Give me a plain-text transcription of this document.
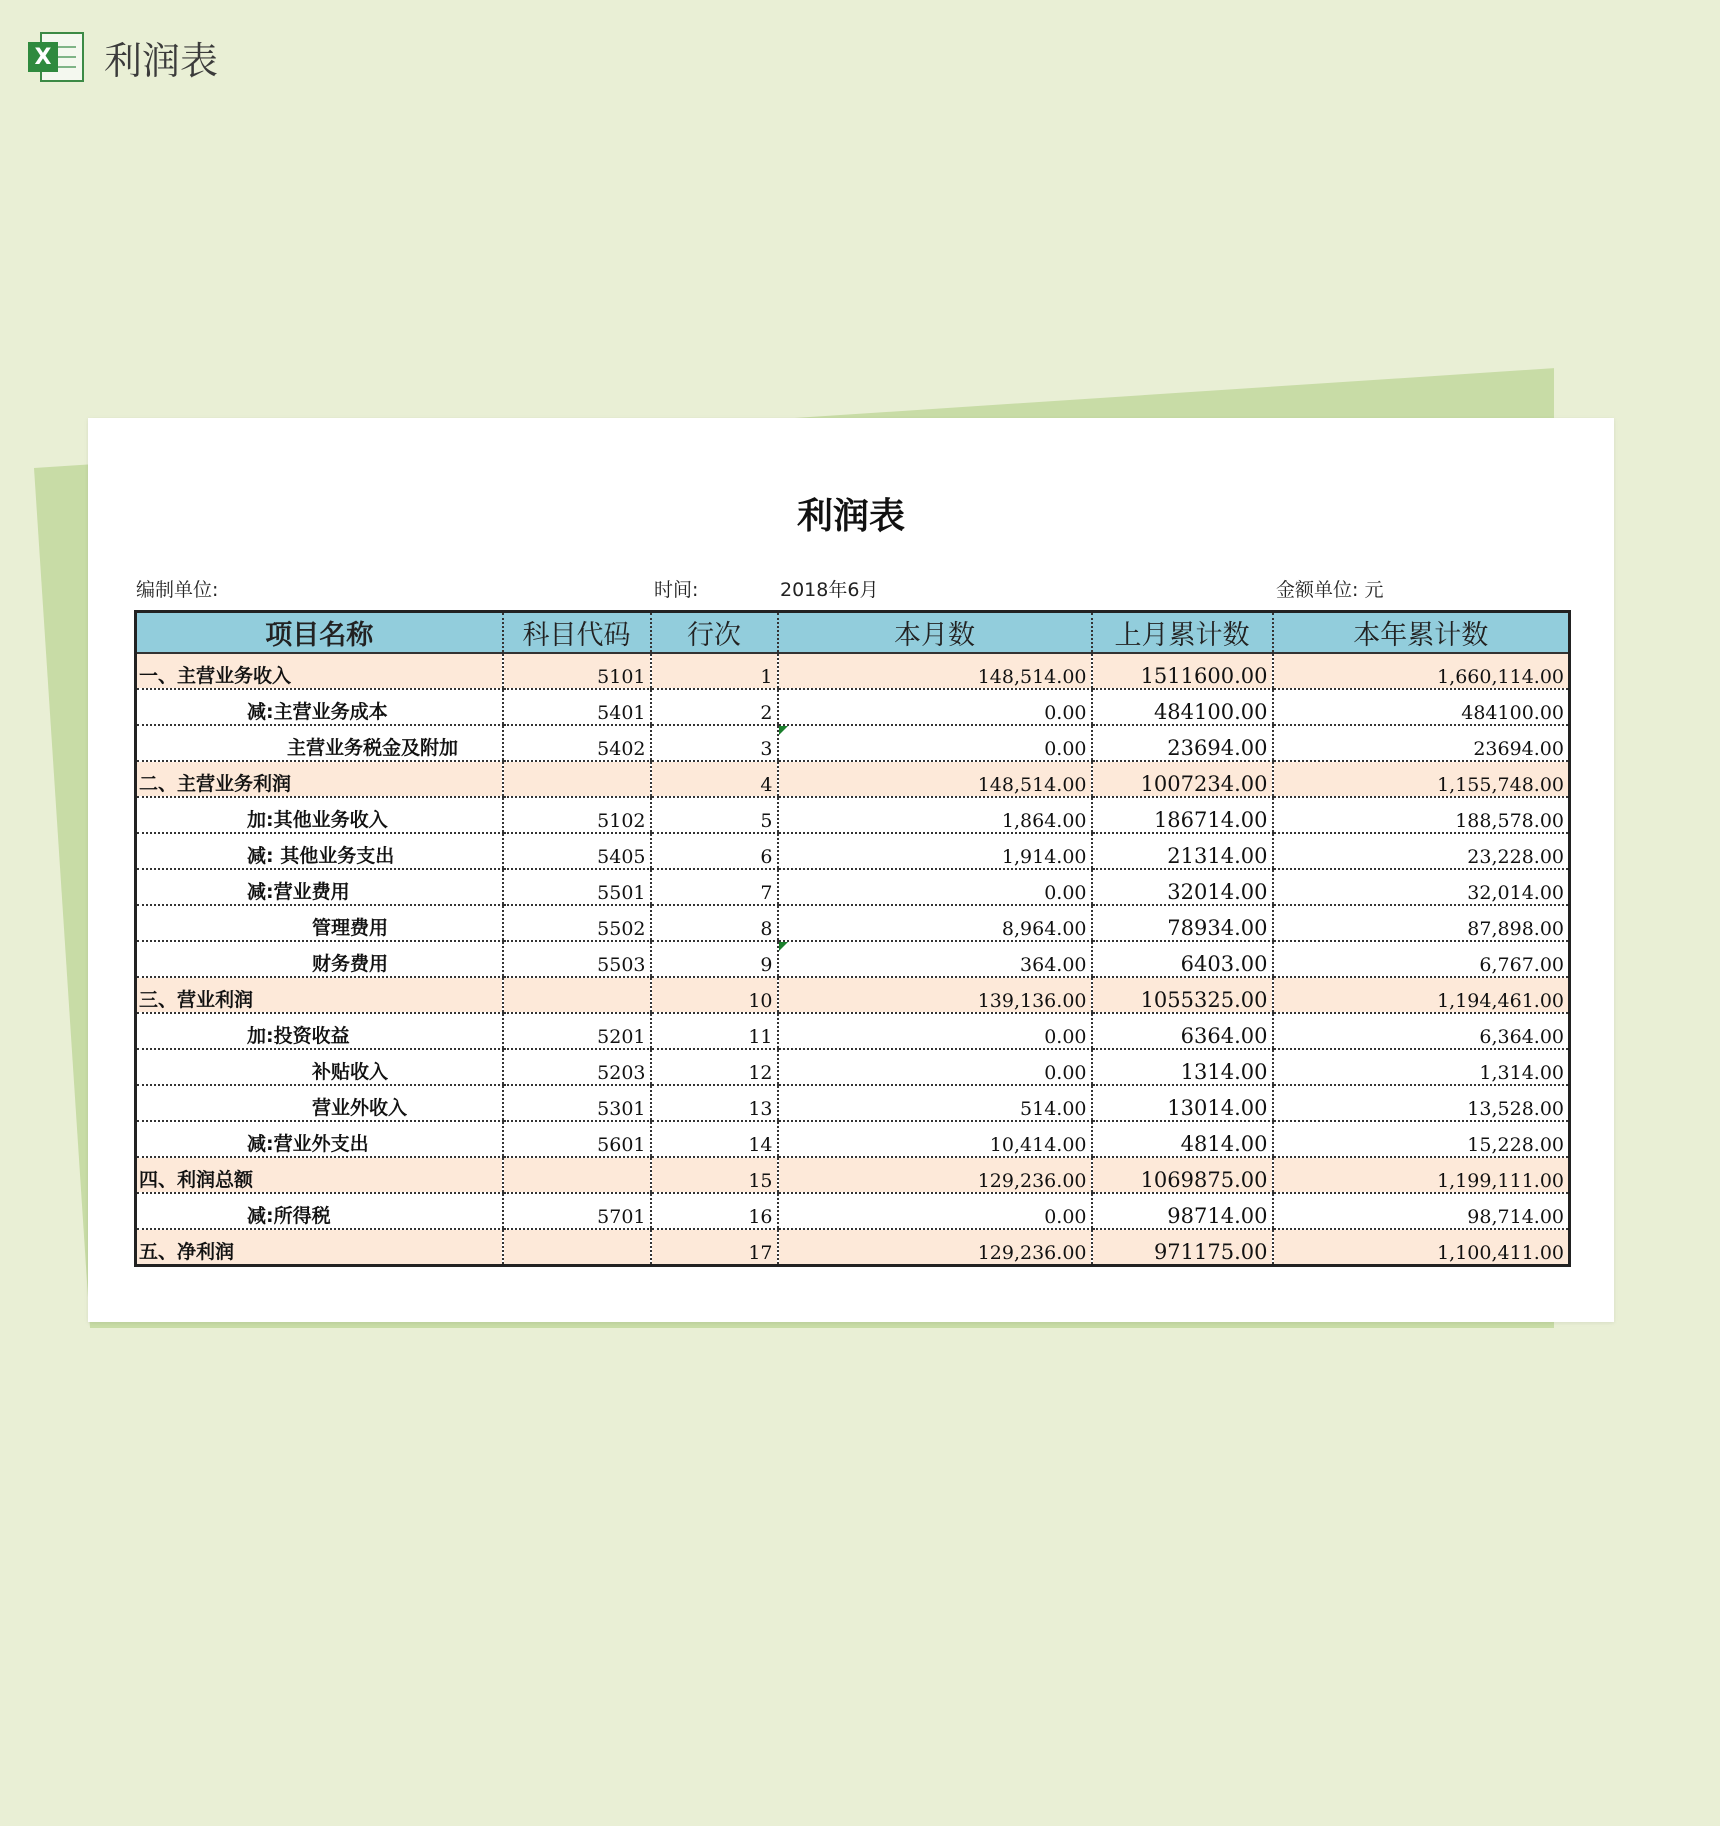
X 利润表
利润表
编制单位:	时间:	2018年6月	金额单位: 元
项目名称	科目代码	行次	本月数	上月累计数	本年累计数
一、主营业务收入	5101	1	148,514.00	1511600.00	1,660,114.00
减:主营业务成本	5401	2	0.00	484100.00	484100.00
主营业务税金及附加	5402	3	0.00	23694.00	23694.00
二、主营业务利润		4	148,514.00	1007234.00	1,155,748.00
加:其他业务收入	5102	5	1,864.00	186714.00	188,578.00
减: 其他业务支出	5405	6	1,914.00	21314.00	23,228.00
减:营业费用	5501	7	0.00	32014.00	32,014.00
管理费用	5502	8	8,964.00	78934.00	87,898.00
财务费用	5503	9	364.00	6403.00	6,767.00
三、营业利润		10	139,136.00	1055325.00	1,194,461.00
加:投资收益	5201	11	0.00	6364.00	6,364.00
补贴收入	5203	12	0.00	1314.00	1,314.00
营业外收入	5301	13	514.00	13014.00	13,528.00
减:营业外支出	5601	14	10,414.00	4814.00	15,228.00
四、利润总额		15	129,236.00	1069875.00	1,199,111.00
减:所得税	5701	16	0.00	98714.00	98,714.00
五、净利润		17	129,236.00	971175.00	1,100,411.00
